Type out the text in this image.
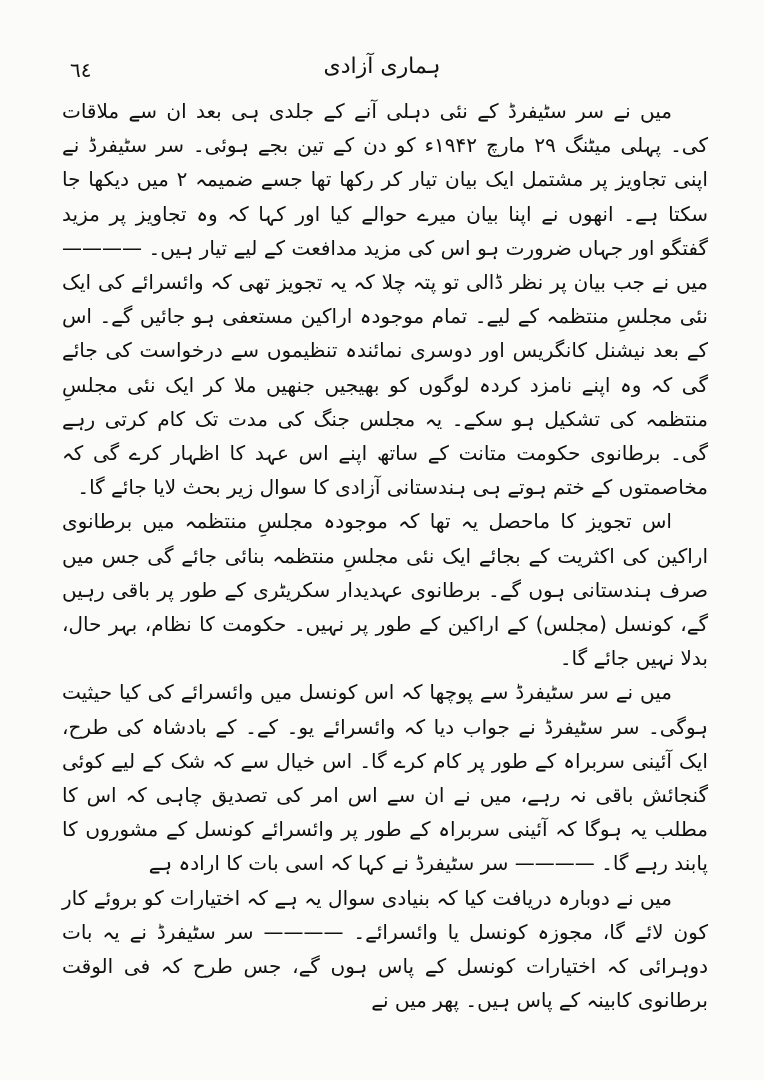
٦٤	ہماری آزادی

میں نے سر سٹیفرڈ کے نئی دہلی آنے کے جلدی ہی بعد ان سے ملاقات کی۔ پہلی میٹنگ ۲۹ مارچ ۱۹۴۲ء کو دن کے تین بجے ہوئی۔ سر سٹیفرڈ نے اپنی تجاویز پر مشتمل ایک بیان تیار کر رکھا تھا جسے ضمیمہ ۲ میں دیکھا جا سکتا ہے۔ انھوں نے اپنا بیان میرے حوالے کیا اور کہا کہ وہ تجاویز پر مزید گفتگو اور جہاں ضرورت ہو اس کی مزید مدافعت کے لیے تیار ہیں۔ ———— میں نے جب بیان پر نظر ڈالی تو پتہ چلا کہ یہ تجویز تھی کہ وائسرائے کی ایک نئی مجلسِ منتظمہ کے لیے۔ تمام موجودہ اراکین مستعفی ہو جائیں گے۔ اس کے بعد نیشنل کانگریس اور دوسری نمائندہ تنظیموں سے درخواست کی جائے گی کہ وہ اپنے نامزد کردہ لوگوں کو بھیجیں جنھیں ملا کر ایک نئی مجلسِ منتظمہ کی تشکیل ہو سکے۔ یہ مجلس جنگ کی مدت تک کام کرتی رہے گی۔ برطانوی حکومت متانت کے ساتھ اپنے اس عہد کا اظہار کرے گی کہ مخاصمتوں کے ختم ہوتے ہی ہندستانی آزادی کا سوال زیر بحث لایا جائے گا۔

اس تجویز کا ماحصل یہ تھا کہ موجودہ مجلسِ منتظمہ میں برطانوی اراکین کی اکثریت کے بجائے ایک نئی مجلسِ منتظمہ بنائی جائے گی جس میں صرف ہندستانی ہوں گے۔ برطانوی عہدیدار سکریٹری کے طور پر باقی رہیں گے، کونسل (مجلس) کے اراکین کے طور پر نہیں۔ حکومت کا نظام، بہر حال، بدلا نہیں جائے گا۔

میں نے سر سٹیفرڈ سے پوچھا کہ اس کونسل میں وائسرائے کی کیا حیثیت ہوگی۔ سر سٹیفرڈ نے جواب دیا کہ وائسرائے یو۔ کے۔ کے بادشاہ کی طرح، ایک آئینی سربراہ کے طور پر کام کرے گا۔ اس خیال سے کہ شک کے لیے کوئی گنجائش باقی نہ رہے، میں نے ان سے اس امر کی تصدیق چاہی کہ اس کا مطلب یہ ہوگا کہ آئینی سربراہ کے طور پر وائسرائے کونسل کے مشوروں کا پابند رہے گا۔ ———— سر سٹیفرڈ نے کہا کہ اسی بات کا ارادہ ہے

میں نے دوبارہ دریافت کیا کہ بنیادی سوال یہ ہے کہ اختیارات کو بروئے کار کون لائے گا، مجوزہ کونسل یا وائسرائے۔ ———— سر سٹیفرڈ نے یہ بات دوہرائی کہ اختیارات کونسل کے پاس ہوں گے، جس طرح کہ فی الوقت برطانوی کابینہ کے پاس ہیں۔ پھر میں نے
